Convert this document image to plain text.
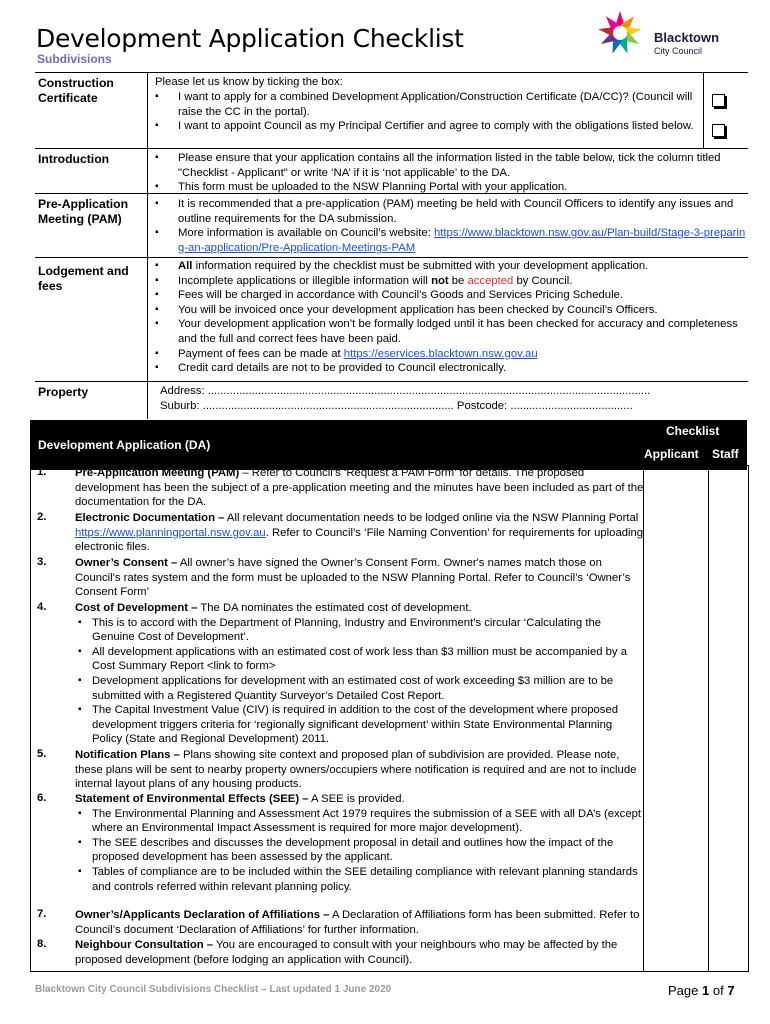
Development Application Checklist
Subdivisions
Blacktown
City Council
Construction Certificate
Please let us know by ticking the box:
▪ I want to apply for a combined Development Application/Construction Certificate (DA/CC)? (Council will raise the CC in the portal).
▪ I want to appoint Council as my Principal Certifier and agree to comply with the obligations listed below.
Introduction
▪	Please ensure that your application contains all the information listed in the table below, tick the column titled "Checklist - Applicant" or write ‘NA’ if it is ‘not applicable’ to the DA.
▪ This form must be uploaded to the NSW Planning Portal with your application.
Pre-Application Meeting (PAM)
▪ It is recommended that a pre-application (PAM) meeting be held with Council Officers to identify any issues and outline requirements for the DA submission.
▪ More information is available on Council’s website: https://www.blacktown.nsw.gov.au/Plan-build/Stage-3-preparing-an-application/Pre-Application-Meetings-PAM
Lodgement and fees
▪ All information required by the checklist must be submitted with your development application.
▪ Incomplete applications or illegible information will not be accepted by Council.
▪ Fees will be charged in accordance with Council’s Goods and Services Pricing Schedule.
▪ You will be invoiced once your development application has been checked by Council’s Officers.
▪ Your development application won’t be formally lodged until it has been checked for accuracy and completeness and the full and correct fees have been paid.
▪ Payment of fees can be made at https://eservices.blacktown.nsw.gov.au
▪ Credit card details are not to be provided to Council electronically.
Property	Address: .............................................................................................................................................
Suburb: ................................................................................ Postcode: .......................................
Development Application (DA)
Checklist
Applicant Staff
1.	Pre-Application Meeting (PAM) – Refer to Council’s ‘Request a PAM Form’ for details. The proposed development has been the subject of a pre-application meeting and the minutes have been included as part of the documentation for the DA.
2.	Electronic Documentation – All relevant documentation needs to be lodged online via the NSW Planning Portal https://www.planningportal.nsw.gov.au. Refer to Council’s ‘File Naming Convention’ for requirements for uploading electronic files.
3.	Owner’s Consent – All owner’s have signed the Owner’s Consent Form. Owner's names match those on Council's rates system and the form must be uploaded to the NSW Planning Portal. Refer to Council’s ‘Owner’s Consent Form’
4.	Cost of Development – The DA nominates the estimated cost of development.
▪ This is to accord with the Department of Planning, Industry and Environment’s circular ‘Calculating the Genuine Cost of Development’.
▪ All development applications with an estimated cost of work less than $3 million must be accompanied by a Cost Summary Report <link to form>
▪ Development applications for development with an estimated cost of work exceeding $3 million are to be submitted with a Registered Quantity Surveyor’s Detailed Cost Report.
▪ The Capital Investment Value (CIV) is required in addition to the cost of the development where proposed development triggers criteria for ‘regionally significant development’ within State Environmental Planning Policy (State and Regional Development) 2011.
5.	Notification Plans – Plans showing site context and proposed plan of subdivision are provided. Please note, these plans will be sent to nearby property owners/occupiers where notification is required and are not to include internal layout plans of any housing products.
6.	Statement of Environmental Effects (SEE) – A SEE is provided.
▪ The Environmental Planning and Assessment Act 1979 requires the submission of a SEE with all DA’s (except where an Environmental Impact Assessment is required for more major development).
▪ The SEE describes and discusses the development proposal in detail and outlines how the impact of the proposed development has been assessed by the applicant.
▪ Tables of compliance are to be included within the SEE detailing compliance with relevant planning standards and controls referred within relevant planning policy.
7.	Owner’s/Applicants Declaration of Affiliations – A Declaration of Affiliations form has been submitted. Refer to Council’s document ‘Declaration of Affiliations’ for further information.
8.	Neighbour Consultation – You are encouraged to consult with your neighbours who may be affected by the proposed development (before lodging an application with Council).
Blacktown City Council Subdivisions Checklist – Last updated 1 June 2020	Page 1 of 7
